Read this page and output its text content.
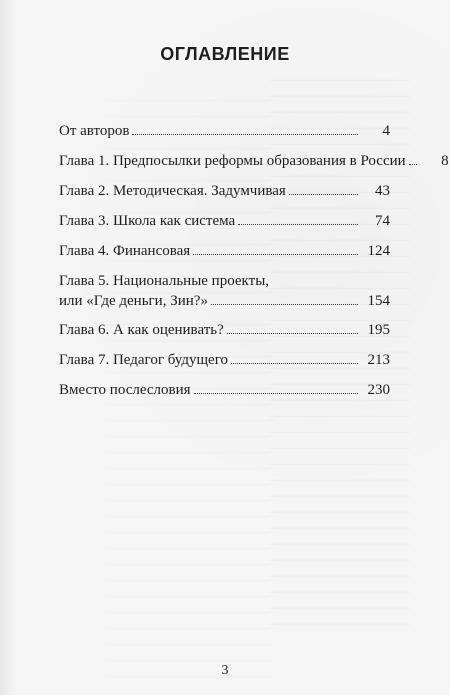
ОГЛАВЛЕНИЕ
От авторов	4
Глава 1. Предпосылки реформы образования в России	8
Глава 2. Методическая. Задумчивая	43
Глава 3. Школа как система	74
Глава 4. Финансовая	124
Глава 5. Национальные проекты,
или «Где деньги, Зин?»	154
Глава 6. А как оценивать?	195
Глава 7. Педагог будущего	213
Вместо послесловия	230
3
